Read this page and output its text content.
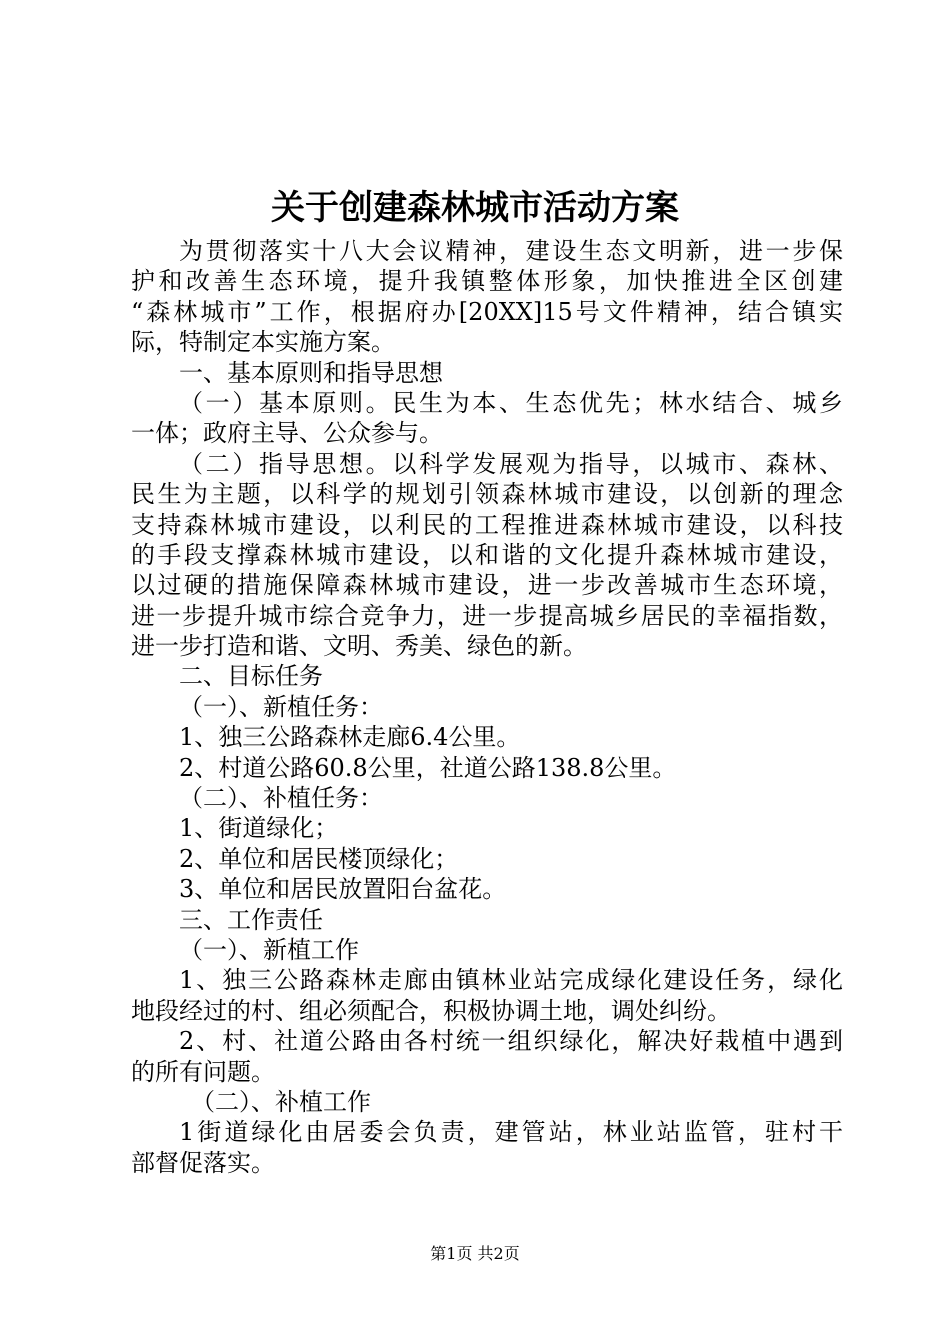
关于创建森林城市活动方案
为贯彻落实十八大会议精神，建设生态文明新，进一步保
护和改善生态环境，提升我镇整体形象，加快推进全区创建
“森林城市”工作，根据府办[20XX]15号文件精神，结合镇实
际，特制定本实施方案。
一、基本原则和指导思想
（一）基本原则。民生为本、生态优先；林水结合、城乡
一体；政府主导、公众参与。
（二）指导思想。以科学发展观为指导，以城市、森林、
民生为主题，以科学的规划引领森林城市建设，以创新的理念
支持森林城市建设，以利民的工程推进森林城市建设，以科技
的手段支撑森林城市建设，以和谐的文化提升森林城市建设，
以过硬的措施保障森林城市建设，进一步改善城市生态环境，
进一步提升城市综合竞争力，进一步提高城乡居民的幸福指数，
进一步打造和谐、文明、秀美、绿色的新。
二、目标任务
（一）、新植任务：
1、独三公路森林走廊6.4公里。
2、村道公路60.8公里，社道公路138.8公里。
（二）、补植任务：
1、街道绿化；
2、单位和居民楼顶绿化；
3、单位和居民放置阳台盆花。
三、工作责任
（一）、新植工作
1、独三公路森林走廊由镇林业站完成绿化建设任务，绿化
地段经过的村、组必须配合，积极协调土地，调处纠纷。
2、村、社道公路由各村统一组织绿化，解决好栽植中遇到
的所有问题。
（二）、补植工作
1街道绿化由居委会负责，建管站，林业站监管，驻村干
部督促落实。
第1页 共2页
